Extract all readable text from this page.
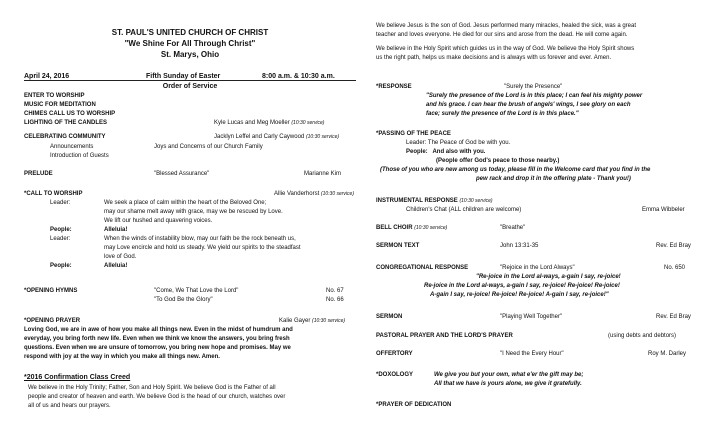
ST. PAUL'S UNITED CHURCH OF CHRIST
"We Shine For All Through Christ"
St. Marys, Ohio
April 24, 2016	Fifth Sunday of Easter	8:00 a.m. & 10:30 a.m.
Order of Service
ENTER TO WORSHIP
MUSIC FOR MEDITATION
CHIMES CALL US TO WORSHIP
LIGHTING OF THE CANDLES	Kyle Lucas and Meg Moeller (10:30 service)
CELEBRATING COMMUNITY	Jacklyn Leffel and Carly Caywood (10:30 service)
Announcements	Joys and Concerns of our Church Family
Introduction of Guests
PRELUDE	"Blessed Assurance"	Marianne Kim
*CALL TO WORSHIP	Allie Vanderhorst (10:30 service)
Leader:	We seek a place of calm within the heart of the Beloved One;
may our shame melt away with grace, may we be rescued by Love.
We lift our hushed and quavering voices.
People:	Alleluia!
Leader:	When the winds of instability blow, may our faith be the rock beneath us,
may Love encircle and hold us steady. We yield our spirits to the steadfast
love of God.
People:	Alleluia!
*OPENING HYMNS	"Come, We That Love the Lord"	No. 67
"To God Be the Glory"	No. 66
*OPENING PRAYER	Kalie Gayer (10:30 service)
Loving God, we are in awe of how you make all things new. Even in the midst of humdrum and
everyday, you bring forth new life. Even when we think we know the answers, you bring fresh
questions. Even when we are unsure of tomorrow, you bring new hope and promises. May we
respond with joy at the way in which you make all things new. Amen.
*2016 Confirmation Class Creed
We believe in the Holy Trinity; Father, Son and Holy Spirit. We believe God is the Father of all
people and creator of heaven and earth. We believe God is the head of our church, watches over
all of us and hears our prayers.
We believe Jesus is the son of God. Jesus performed many miracles, healed the sick, was a great
teacher and loves everyone. He died for our sins and arose from the dead. He will come again.
We believe in the Holy Spirit which guides us in the way of God. We believe the Holy Spirit shows
us the right path, helps us make decisions and is always with us forever and ever. Amen.
*RESPONSE	"Surely the Presence"
"Surely the presence of the Lord is in this place; I can feel his mighty power
and his grace. I can hear the brush of angels' wings, I see glory on each
face; surely the presence of the Lord is in this place."
*PASSING OF THE PEACE
Leader: The Peace of God be with you.
People: And also with you.
(People offer God's peace to those nearby.)
(Those of you who are new among us today, please fill in the Welcome card that you find in the
pew rack and drop it in the offering plate - Thank you!)
INSTRUMENTAL RESPONSE (10:30 service)
Children's Chat (ALL children are welcome)	Emma Wibbeler
BELL CHOIR (10:30 service)	"Breathe"
SERMON TEXT	John 13:31-35	Rev. Ed Bray
CONGREGATIONAL RESPONSE	"Rejoice in the Lord Always"	No. 650
"Re-joice in the Lord al-ways, a-gain I say, re-joice!
Re-joice in the Lord al-ways, a-gain I say, re-joice! Re-joice! Re-joice!
A-gain I say, re-joice! Re-joice! Re-joice! A-gain I say, re-joice!"
SERMON	"Playing Well Together"	Rev. Ed Bray
PASTORAL PRAYER AND THE LORD'S PRAYER	(using debts and debtors)
OFFERTORY	"I Need the Every Hour"	Roy M. Darley
*DOXOLOGY	We give you but your own, what e'er the gift may be;
All that we have is yours alone, we give it gratefully.
*PRAYER OF DEDICATION
